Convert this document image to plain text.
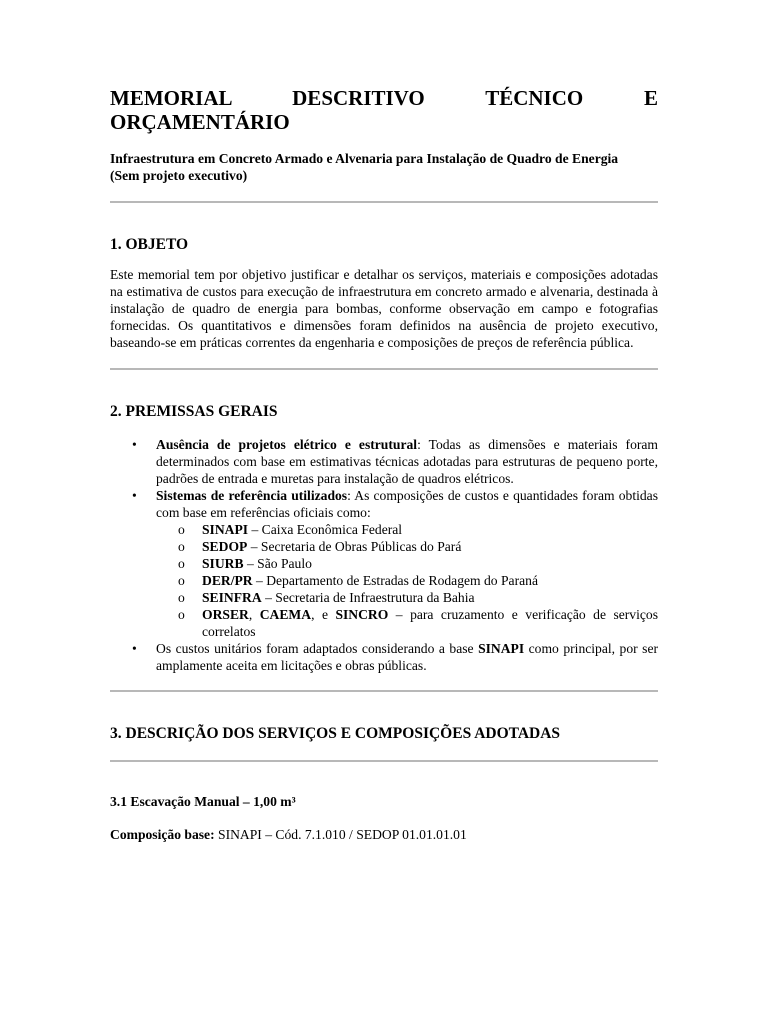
MEMORIAL	DESCRITIVO	TÉCNICO	E
ORÇAMENTÁRIO
Infraestrutura em Concreto Armado e Alvenaria para Instalação de Quadro de Energia
(Sem projeto executivo)
1. OBJETO

Este memorial tem por objetivo justificar e detalhar os serviços, materiais e composições adotadas na estimativa de custos para execução de infraestrutura em concreto armado e alvenaria, destinada à instalação de quadro de energia para bombas, conforme observação em campo e fotografias fornecidas. Os quantitativos e dimensões foram definidos na ausência de projeto executivo, baseando-se em práticas correntes da engenharia e composições de preços de referência pública.

2. PREMISSAS GERAIS
• Ausência de projetos elétrico e estrutural: Todas as dimensões e materiais foram determinados com base em estimativas técnicas adotadas para estruturas de pequeno porte, padrões de entrada e muretas para instalação de quadros elétricos.
• Sistemas de referência utilizados: As composições de custos e quantidades foram obtidas com base em referências oficiais como:
o SINAPI – Caixa Econômica Federal
o SEDOP – Secretaria de Obras Públicas do Pará
o SIURB – São Paulo
o DER/PR – Departamento de Estradas de Rodagem do Paraná
o SEINFRA – Secretaria de Infraestrutura da Bahia
o ORSER, CAEMA, e SINCRO – para cruzamento e verificação de serviços correlatos
• Os custos unitários foram adaptados considerando a base SINAPI como principal, por ser amplamente aceita em licitações e obras públicas.
3. DESCRIÇÃO DOS SERVIÇOS E COMPOSIÇÕES ADOTADAS

3.1 Escavação Manual – 1,00 m³

Composição base: SINAPI – Cód. 7.1.010 / SEDOP 01.01.01.01
